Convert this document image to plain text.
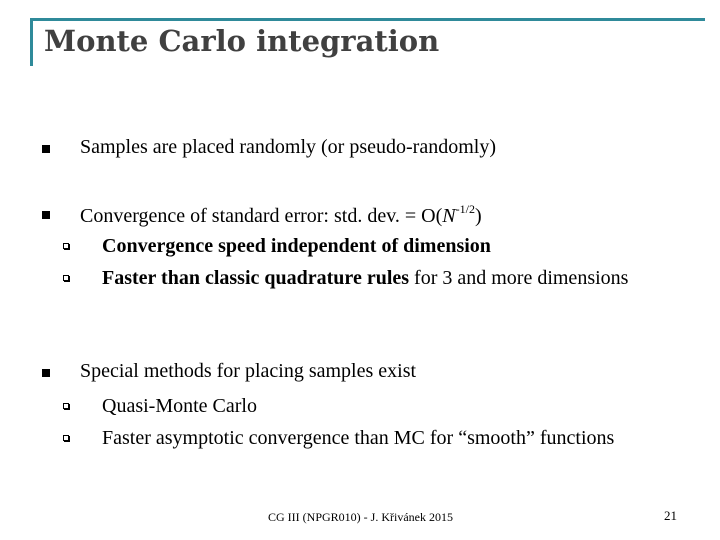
Monte Carlo integration
Samples are placed randomly (or pseudo-randomly)
Convergence of standard error: std. dev. = $O(N^{-1/2})$
Convergence speed independent of dimension
Faster than classic quadrature rules for 3 and more dimensions
Special methods for placing samples exist
Quasi-Monte Carlo
Faster asymptotic convergence than MC for “smooth” functions
CG III (NPGR010) - J. Křivánek 2015	21
